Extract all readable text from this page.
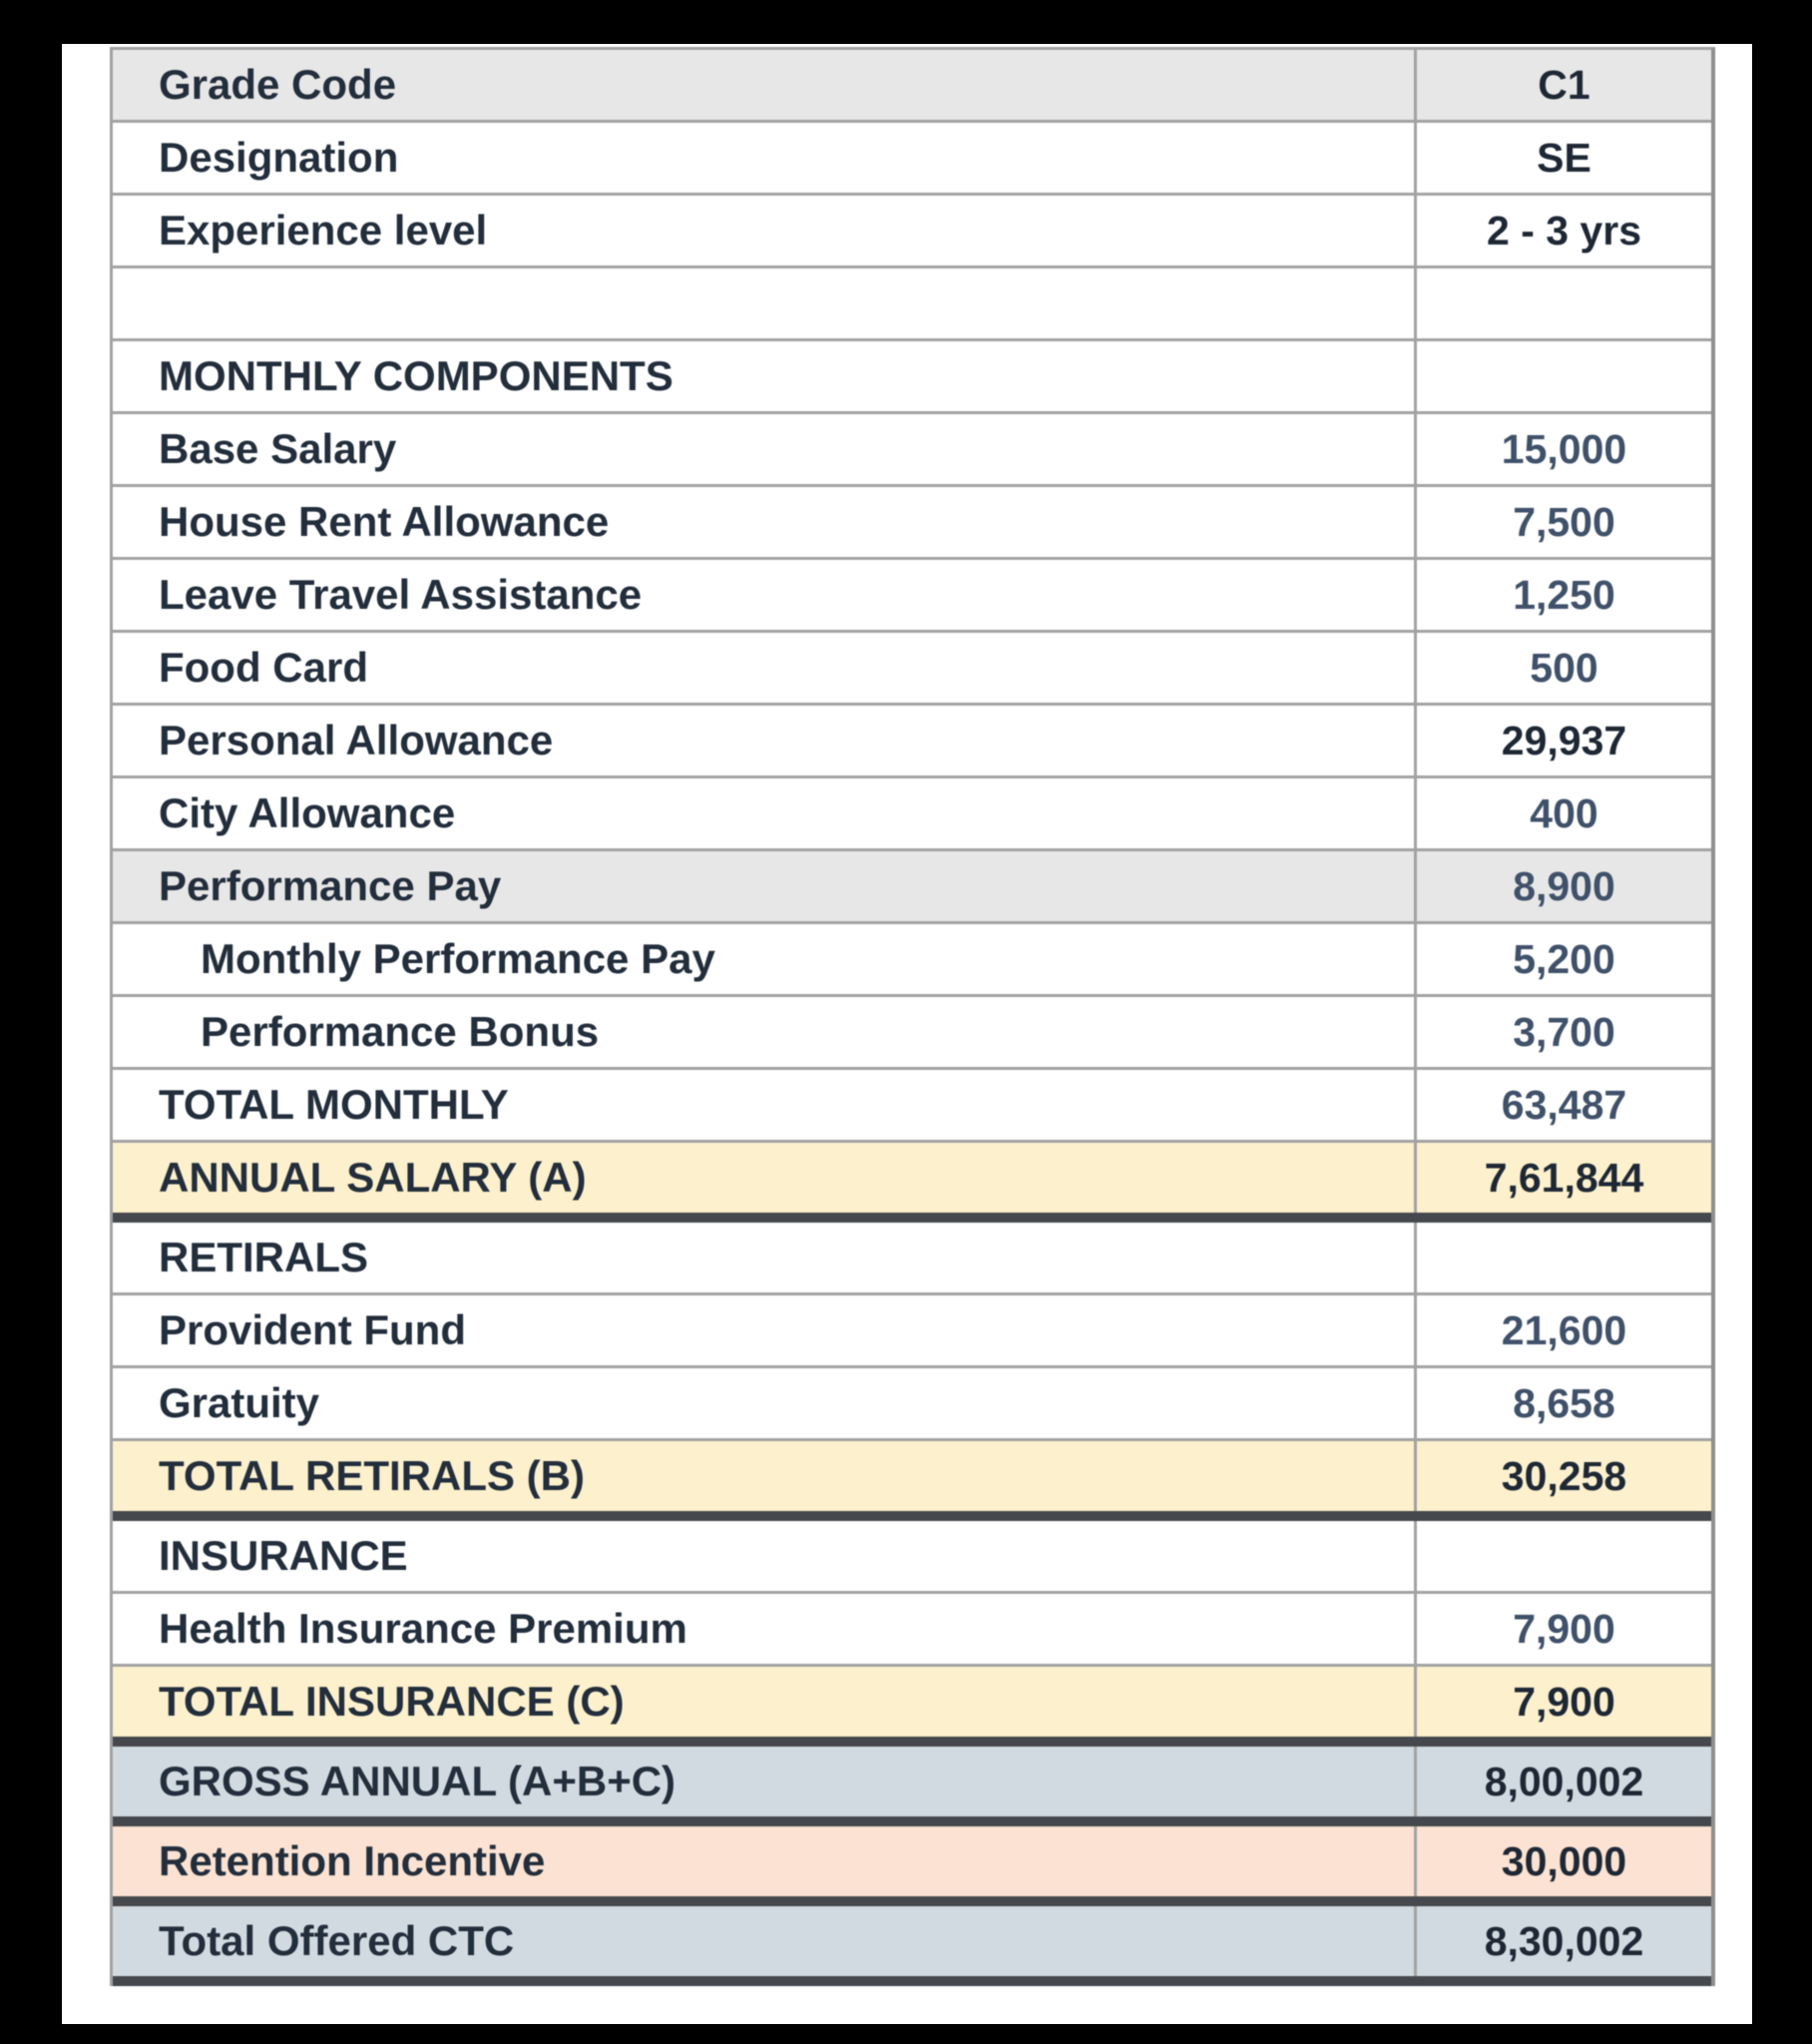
Grade Code	C1
Designation	SE
Experience level	2 - 3 yrs
MONTHLY COMPONENTS
Base Salary	15,000
House Rent Allowance	7,500
Leave Travel Assistance	1,250
Food Card	500
Personal Allowance	29,937
City Allowance	400
Performance Pay	8,900
Monthly Performance Pay	5,200
Performance Bonus	3,700
TOTAL MONTHLY	63,487
ANNUAL SALARY (A)	7,61,844
RETIRALS
Provident Fund	21,600
Gratuity	8,658
TOTAL RETIRALS (B)	30,258
INSURANCE
Health Insurance Premium	7,900
TOTAL INSURANCE (C)	7,900
GROSS ANNUAL (A+B+C)	8,00,002
Retention Incentive	30,000
Total Offered CTC	8,30,002
